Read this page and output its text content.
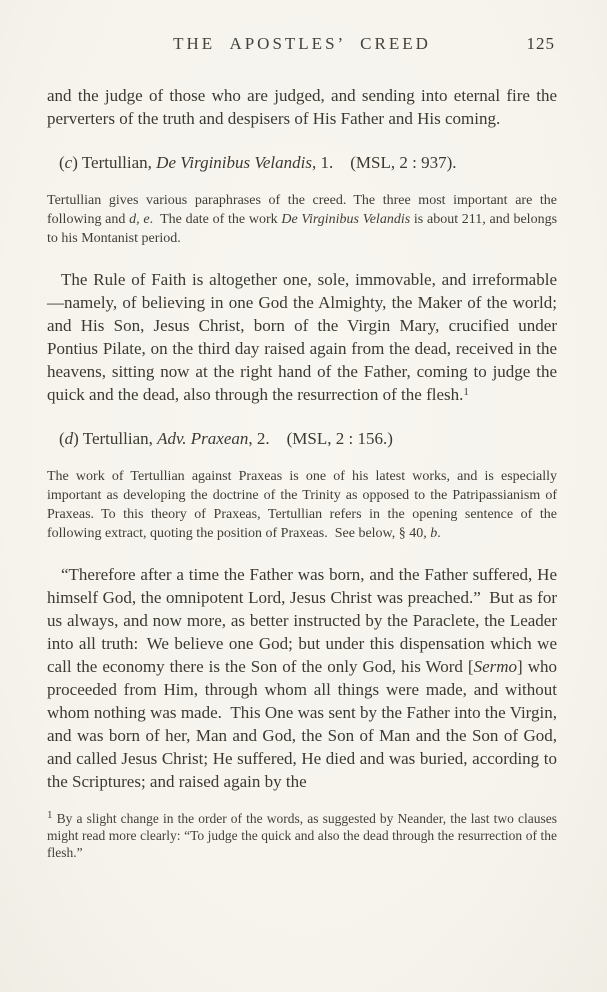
THE APOSTLES’ CREED	125

and the judge of those who are judged, and sending into eternal fire the perverters of the truth and despisers of His Father and His coming.

(c) Tertullian, De Virginibus Velandis, 1.  (MSL, 2 : 937).

Tertullian gives various paraphrases of the creed. The three most important are the following and d, e. The date of the work De Virginibus Velandis is about 211, and belongs to his Montanist period.

The Rule of Faith is altogether one, sole, immovable, and irreformable—namely, of believing in one God the Almighty, the Maker of the world; and His Son, Jesus Christ, born of the Virgin Mary, crucified under Pontius Pilate, on the third day raised again from the dead, received in the heavens, sitting now at the right hand of the Father, coming to judge the quick and the dead, also through the resurrection of the flesh.$^1$

(d) Tertullian, Adv. Praxean, 2.  (MSL, 2 : 156.)

The work of Tertullian against Praxeas is one of his latest works, and is especially important as developing the doctrine of the Trinity as opposed to the Patripassianism of Praxeas. To this theory of Praxeas, Tertullian refers in the opening sentence of the following extract, quoting the position of Praxeas. See below, § 40, b.

“Therefore after a time the Father was born, and the Father suffered, He himself God, the omnipotent Lord, Jesus Christ was preached.” But as for us always, and now more, as better instructed by the Paraclete, the Leader into all truth: We believe one God; but under this dispensation which we call the economy there is the Son of the only God, his Word [Sermo] who proceeded from Him, through whom all things were made, and without whom nothing was made. This One was sent by the Father into the Virgin, and was born of her, Man and God, the Son of Man and the Son of God, and called Jesus Christ; He suffered, He died and was buried, according to the Scriptures; and raised again by the

$^1$ By a slight change in the order of the words, as suggested by Neander, the last two clauses might read more clearly: “To judge the quick and also the dead through the resurrection of the flesh.”
